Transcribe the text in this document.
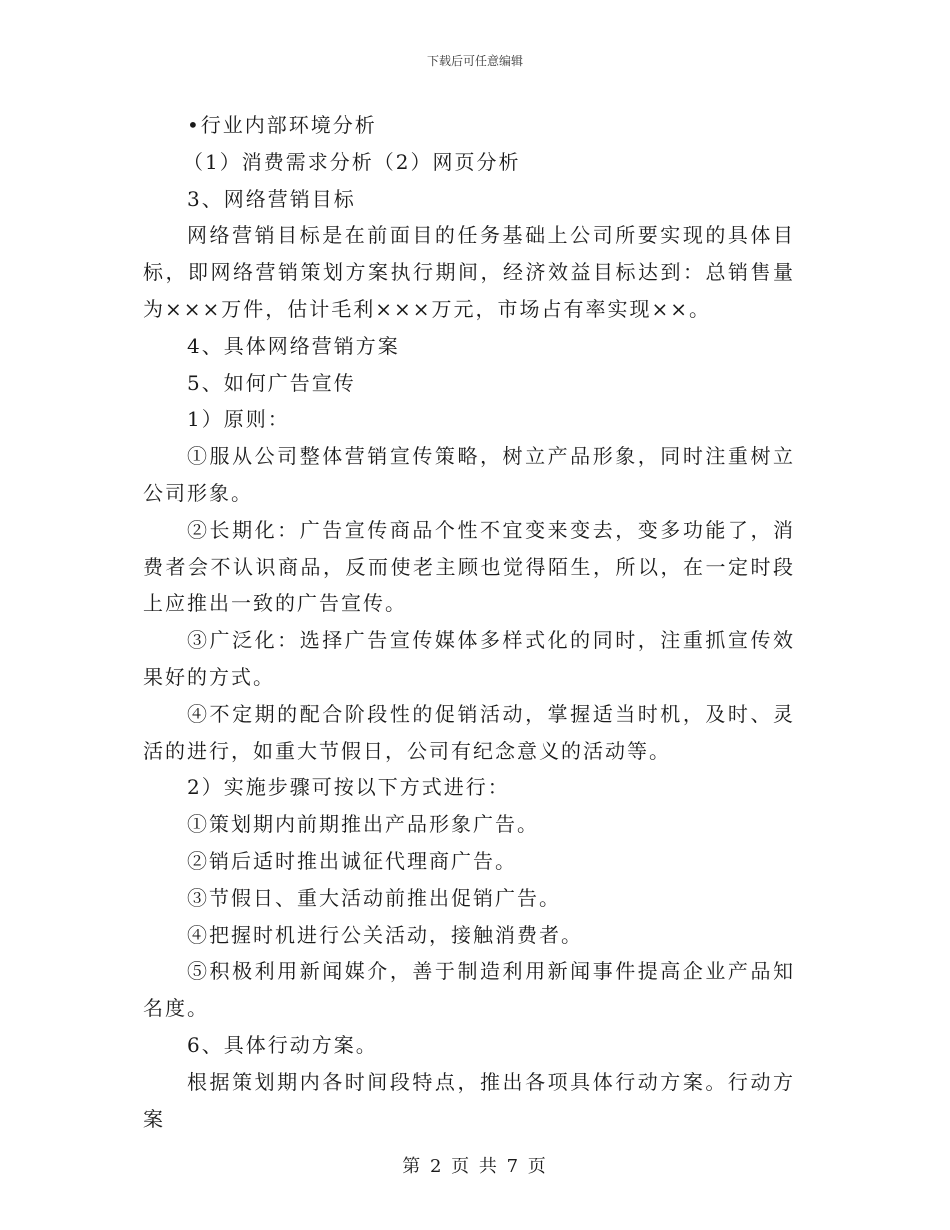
下载后可任意编辑

•行业内部环境分析

（1）消费需求分析（2）网页分析

3、网络营销目标

网络营销目标是在前面目的任务基础上公司所要实现的具体目标，即网络营销策划方案执行期间，经济效益目标达到：总销售量为×××万件，估计毛利×××万元，市场占有率实现××。

4、具体网络营销方案

5、如何广告宣传

1）原则：

①服从公司整体营销宣传策略，树立产品形象，同时注重树立公司形象。

②长期化：广告宣传商品个性不宜变来变去，变多功能了，消费者会不认识商品，反而使老主顾也觉得陌生，所以，在一定时段上应推出一致的广告宣传。

③广泛化：选择广告宣传媒体多样式化的同时，注重抓宣传效果好的方式。

④不定期的配合阶段性的促销活动，掌握适当时机，及时、灵活的进行，如重大节假日，公司有纪念意义的活动等。

2）实施步骤可按以下方式进行：

①策划期内前期推出产品形象广告。

②销后适时推出诚征代理商广告。

③节假日、重大活动前推出促销广告。

④把握时机进行公关活动，接触消费者。

⑤积极利用新闻媒介，善于制造利用新闻事件提高企业产品知名度。

6、具体行动方案。

根据策划期内各时间段特点，推出各项具体行动方案。行动方案

第 2 页 共 7 页
